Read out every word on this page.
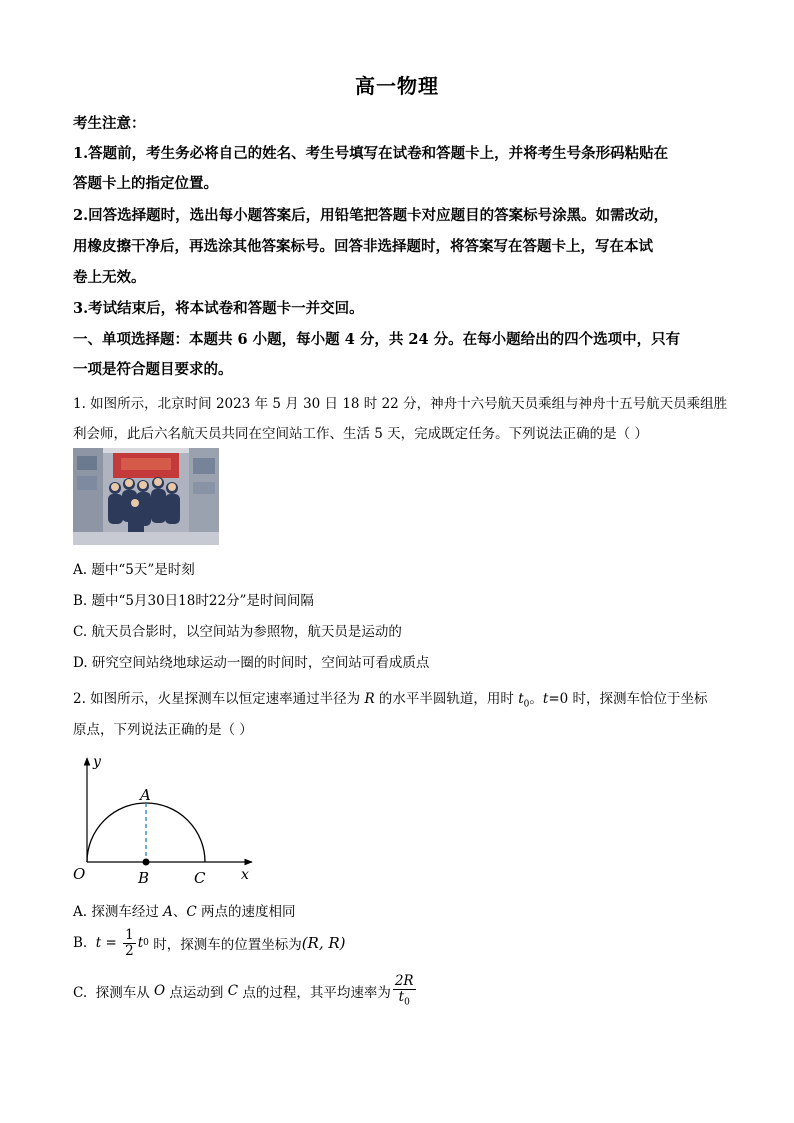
高一物理
考生注意：
1.答题前，考生务必将自己的姓名、考生号填写在试卷和答题卡上，并将考生号条形码粘贴在
答题卡上的指定位置。
2.回答选择题时，选出每小题答案后，用铅笔把答题卡对应题目的答案标号涂黑。如需改动，
用橡皮擦干净后，再选涂其他答案标号。回答非选择题时，将答案写在答题卡上，写在本试
卷上无效。
3.考试结束后，将本试卷和答题卡一并交回。
一、单项选择题：本题共 6 小题，每小题 4 分，共 24 分。在每小题给出的四个选项中，只有
一项是符合题目要求的。
1. 如图所示，北京时间 2023 年 5 月 30 日 18 时 22 分，神舟十六号航天员乘组与神舟十五号航天员乘组胜
利会师，此后六名航天员共同在空间站工作、生活 5 天，完成既定任务。下列说法正确的是（ ）
A. 题中“5天”是时刻
B. 题中“5月30日18时22分”是时间间隔
C. 航天员合影时，以空间站为参照物，航天员是运动的
D. 研究空间站绕地球运动一圈的时间时，空间站可看成质点
2. 如图所示，火星探测车以恒定速率通过半径为 R 的水平半圆轨道，用时 $t_0$。t=0 时，探测车恰位于坐标
原点，下列说法正确的是（ ）
y
x
O
A
B	C
A. 探测车经过 A、C 两点的速度相同
B. $t = \frac{1}{2}$ t 0 时，探测车的位置坐标为 (R, R)
C.  探测车从 O 点运动到 C 点的过程，其平均速率为 $\frac{2R}{t_0}$
